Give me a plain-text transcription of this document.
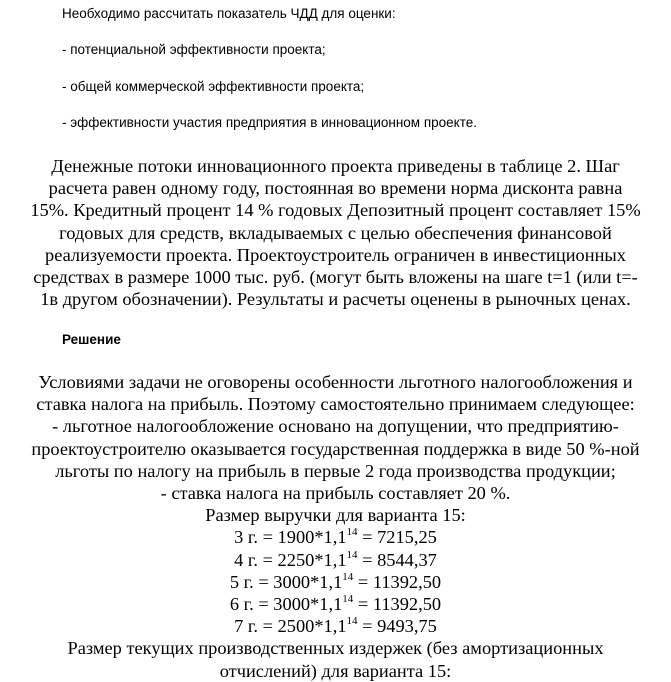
Необходимо рассчитать показатель ЧДД для оценки:
- потенциальной эффективности проекта;
- общей коммерческой эффективности проекта;
- эффективности участия предприятия в инновационном проекте.
Денежные потоки инновационного проекта приведены в таблице 2. Шаг
расчета равен одному году, постоянная во времени норма дисконта равна
15%. Кредитный процент 14 % годовых Депозитный процент составляет 15%
годовых для средств, вкладываемых с целью обеспечения финансовой
реализуемости проекта. Проектоустроитель ограничен в инвестиционных
средствах в размере 1000 тыс. руб. (могут быть вложены на шаге t=1 (или t=-
1в другом обозначении). Результаты и расчеты оценены в рыночных ценах.
Решение
Условиями задачи не оговорены особенности льготного налогообложения и
ставка налога на прибыль. Поэтому самостоятельно принимаем следующее:
- льготное налогообложение основано на допущении, что предприятию-
проектоустроителю оказывается государственная поддержка в виде 50 %-ной
льготы по налогу на прибыль в первые 2 года производства продукции;
- ставка налога на прибыль составляет 20 %.
Размер выручки для варианта 15:
3 г. = $1900*1,1^{14} = 7215,25$
4 г. = $2250*1,1^{14} = 8544,37$
5 г. = $3000*1,1^{14} = 11392,50$
6 г. = $3000*1,1^{14} = 11392,50$
7 г. = $2500*1,1^{14} = 9493,75$
Размер текущих производственных издержек (без амортизационных
отчислений) для варианта 15:
